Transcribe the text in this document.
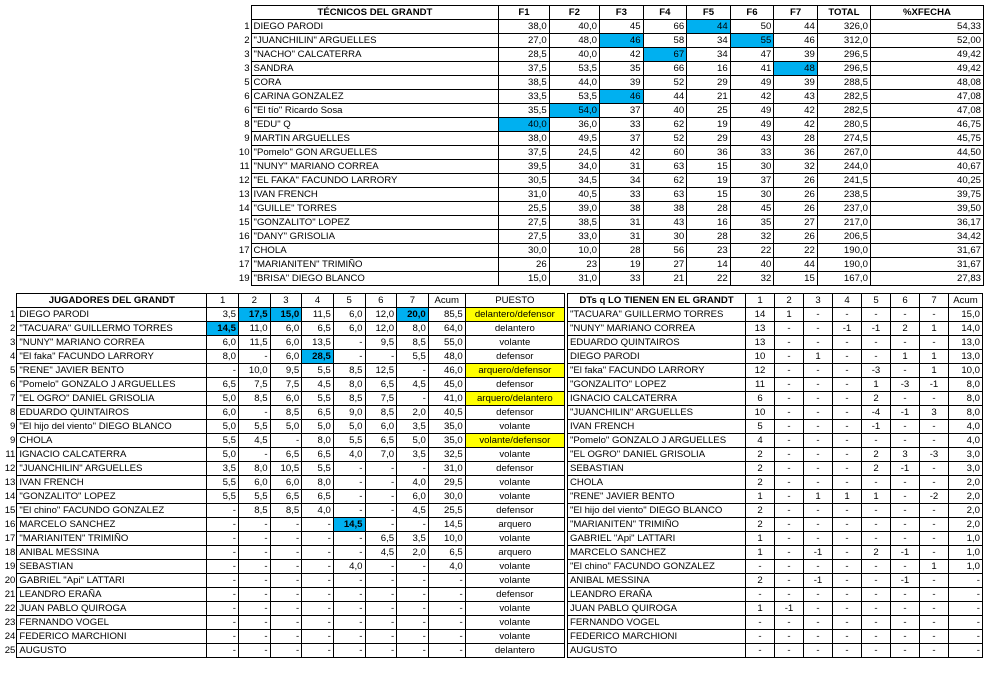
	TÉCNICOS DEL GRANDT	F1	F2	F3	F4	F5	F6	F7	TOTAL	%XFECHA
1	DIEGO PARODI	38,0	40,0	45	66	44	50	44	326,0	54,33
2	"JUANCHILIN" ARGUELLES	27,0	48,0	46	58	34	55	46	312,0	52,00
3	"NACHO" CALCATERRA	28,5	40,0	42	67	34	47	39	296,5	49,42
3	SANDRA	37,5	53,5	35	66	16	41	48	296,5	49,42
5	CORA	38,5	44,0	39	52	29	49	39	288,5	48,08
6	CARINA GONZALEZ	33,5	53,5	46	44	21	42	43	282,5	47,08
6	"El tío" Ricardo Sosa	35,5	54,0	37	40	25	49	42	282,5	47,08
8	"EDU" Q	40,0	36,0	33	62	19	49	42	280,5	46,75
9	MARTIN ARGUELLES	38,0	49,5	37	52	29	43	28	274,5	45,75
10	"Pomelo" GON ARGUELLES	37,5	24,5	42	60	36	33	36	267,0	44,50
11	"NUNY" MARIANO CORREA	39,5	34,0	31	63	15	30	32	244,0	40,67
12	"EL FAKA" FACUNDO LARRORY	30,5	34,5	34	62	19	37	26	241,5	40,25
13	IVAN FRENCH	31,0	40,5	33	63	15	30	26	238,5	39,75
14	"GUILLE" TORRES	25,5	39,0	38	38	28	45	26	237,0	39,50
15	"GONZALITO" LOPEZ	27,5	38,5	31	43	16	35	27	217,0	36,17
16	"DANY" GRISOLIA	27,5	33,0	31	30	28	32	26	206,5	34,42
17	CHOLA	30,0	10,0	28	56	23	22	22	190,0	31,67
17	"MARIANITEN" TRIMIÑO	26	23	19	27	14	40	44	190,0	31,67
19	"BRISA" DIEGO BLANCO	15,0	31,0	33	21	22	32	15	167,0	27,83
	JUGADORES DEL GRANDT	1	2	3	4	5	6	7	Acum	PUESTO
1	DIEGO PARODI	3,5	17,5	15,0	11,5	6,0	12,0	20,0	85,5	delantero/defensor
2	"TACUARA" GUILLERMO TORRES	14,5	11,0	6,0	6,5	6,0	12,0	8,0	64,0	delantero
3	"NUNY" MARIANO CORREA	6,0	11,5	6,0	13,5	-	9,5	8,5	55,0	volante
4	"El faka" FACUNDO LARRORY	8,0	-	6,0	28,5	-	-	5,5	48,0	defensor
5	"RENE" JAVIER BENTO	-	10,0	9,5	5,5	8,5	12,5	-	46,0	arquero/defensor
6	"Pomelo" GONZALO J ARGUELLES	6,5	7,5	7,5	4,5	8,0	6,5	4,5	45,0	defensor
7	"EL OGRO" DANIEL GRISOLIA	5,0	8,5	6,0	5,5	8,5	7,5	-	41,0	arquero/delantero
8	EDUARDO QUINTAIROS	6,0	-	8,5	6,5	9,0	8,5	2,0	40,5	defensor
9	"El hijo del viento" DIEGO BLANCO	5,0	5,5	5,0	5,0	5,0	6,0	3,5	35,0	volante
9	CHOLA	5,5	4,5	-	8,0	5,5	6,5	5,0	35,0	volante/defensor
11	IGNACIO CALCATERRA	5,0	-	6,5	6,5	4,0	7,0	3,5	32,5	volante
12	"JUANCHILIN" ARGUELLES	3,5	8,0	10,5	5,5	-	-	-	31,0	defensor
13	IVAN FRENCH	5,5	6,0	6,0	8,0	-	-	4,0	29,5	volante
14	"GONZALITO" LOPEZ	5,5	5,5	6,5	6,5	-	-	6,0	30,0	volante
15	"El chino" FACUNDO GONZALEZ	-	8,5	8,5	4,0	-	-	4,5	25,5	defensor
16	MARCELO SANCHEZ	-	-	-	-	14,5	-	-	14,5	arquero
17	"MARIANITEN" TRIMIÑO	-	-	-	-	-	6,5	3,5	10,0	volante
18	ANIBAL MESSINA	-	-	-	-	-	4,5	2,0	6,5	arquero
19	SEBASTIAN	-	-	-	-	4,0	-	-	4,0	volante
20	GABRIEL "Api" LATTARI	-	-	-	-	-	-	-	-	volante
21	LEANDRO ERAÑA	-	-	-	-	-	-	-	-	defensor
22	JUAN PABLO QUIROGA	-	-	-	-	-	-	-	-	volante
23	FERNANDO VOGEL	-	-	-	-	-	-	-	-	volante
24	FEDERICO MARCHIONI	-	-	-	-	-	-	-	-	volante
25	AUGUSTO	-	-	-	-	-	-	-	-	delantero
DTs q LO TIENEN EN EL GRANDT	1	2	3	4	5	6	7	Acum
"TACUARA" GUILLERMO TORRES	14	1	-	-	-	-	-	15,0
"NUNY" MARIANO CORREA	13	-	-	-1	-1	2	1	14,0
EDUARDO QUINTAIROS	13	-	-	-	-	-	-	13,0
DIEGO PARODI	10	-	1	-	-	1	1	13,0
"El faka" FACUNDO LARRORY	12	-	-	-	-3	-	1	10,0
"GONZALITO" LOPEZ	11	-	-	-	1	-3	-1	8,0
IGNACIO CALCATERRA	6	-	-	-	2	-	-	8,0
"JUANCHILIN" ARGUELLES	10	-	-	-	-4	-1	3	8,0
IVAN FRENCH	5	-	-	-	-1	-	-	4,0
"Pomelo" GONZALO J ARGUELLES	4	-	-	-	-	-	-	4,0
"EL OGRO" DANIEL GRISOLIA	2	-	-	-	2	3	-3	3,0
SEBASTIAN	2	-	-	-	2	-1	-	3,0
CHOLA	2	-	-	-	-	-	-	2,0
"RENE" JAVIER BENTO	1	-	1	1	1	-	-2	2,0
"El hijo del viento" DIEGO BLANCO	2	-	-	-	-	-	-	2,0
"MARIANITEN" TRIMIÑO	2	-	-	-	-	-	-	2,0
GABRIEL "Api" LATTARI	1	-	-	-	-	-	-	1,0
MARCELO SANCHEZ	1	-	-1	-	2	-1	-	1,0
"El chino" FACUNDO GONZALEZ	-	-	-	-	-	-	1	1,0
ANIBAL MESSINA	2	-	-1	-	-	-1	-	-
LEANDRO ERAÑA	-	-	-	-	-	-	-	-
JUAN PABLO QUIROGA	1	-1	-	-	-	-	-	-
FERNANDO VOGEL	-	-	-	-	-	-	-	-
FEDERICO MARCHIONI	-	-	-	-	-	-	-	-
AUGUSTO	-	-	-	-	-	-	-	-
